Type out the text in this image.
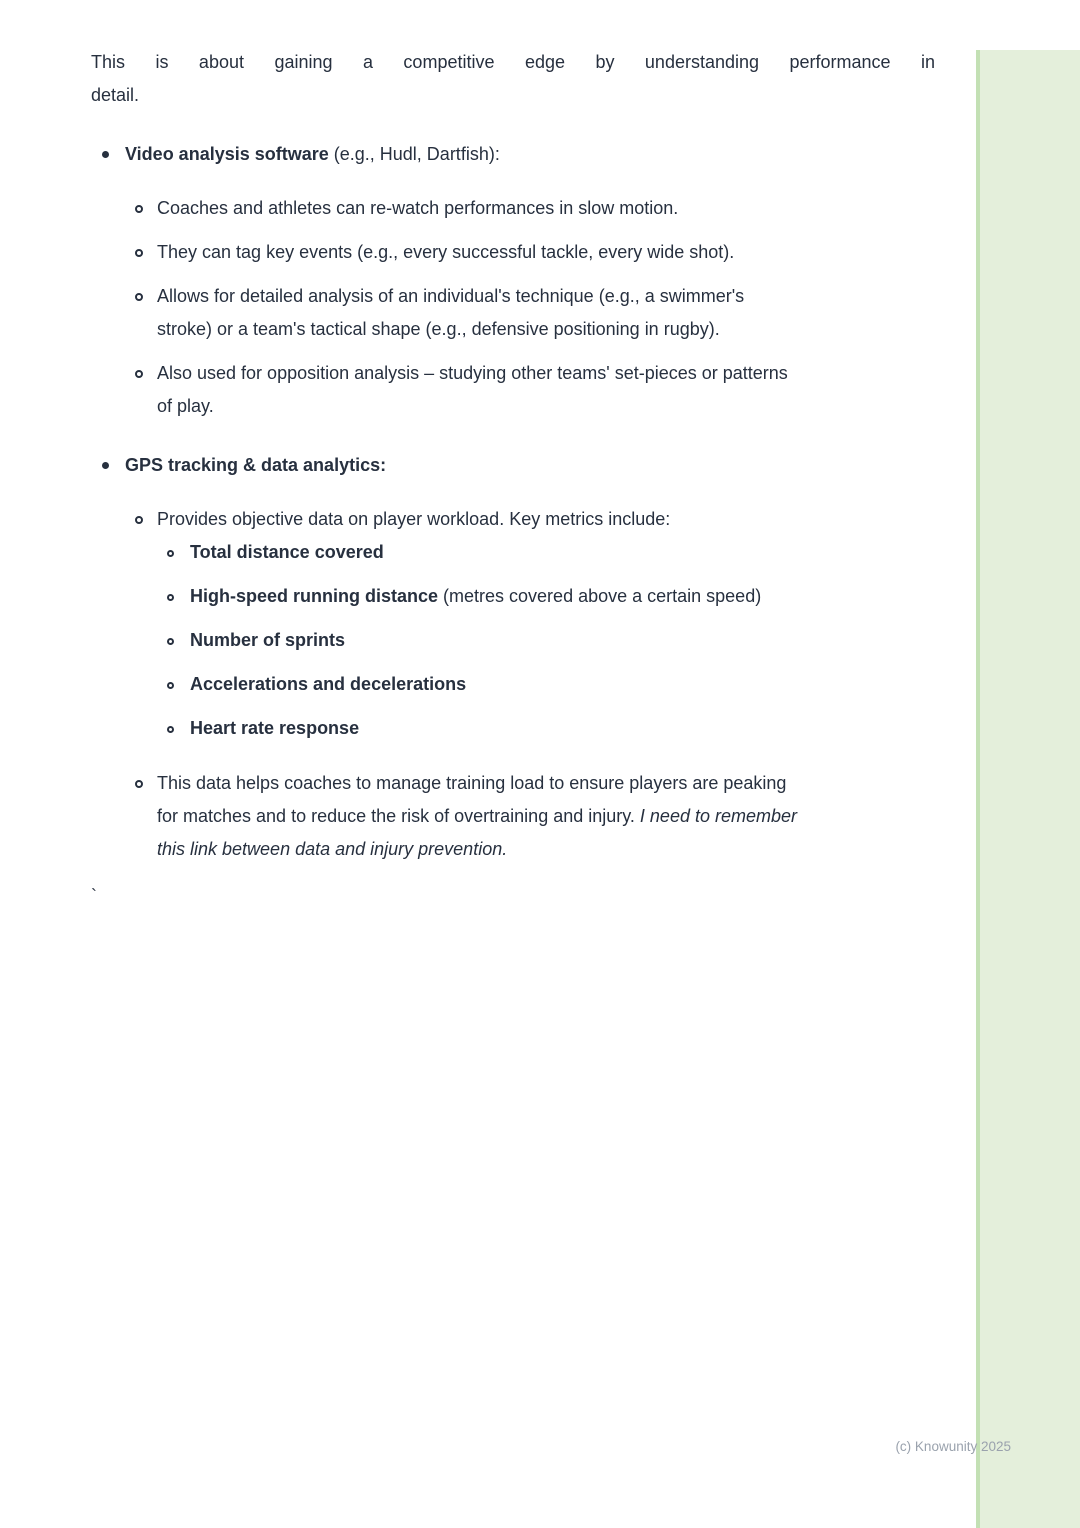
This is about gaining a competitive edge by understanding performance in

detail.

Video analysis software (e.g., Hudl, Dartfish):

Coaches and athletes can re-watch performances in slow motion.

They can tag key events (e.g., every successful tackle, every wide shot).

Allows for detailed analysis of an individual's technique (e.g., a swimmer's stroke) or a team's tactical shape (e.g., defensive positioning in rugby).

Also used for opposition analysis – studying other teams' set-pieces or patterns of play.

GPS tracking & data analytics:

Provides objective data on player workload. Key metrics include:

Total distance covered

High-speed running distance (metres covered above a certain speed)

Number of sprints

Accelerations and decelerations

Heart rate response

This data helps coaches to manage training load to ensure players are peaking for matches and to reduce the risk of overtraining and injury. I need to remember this link between data and injury prevention.

`

(c) Knowunity 2025
